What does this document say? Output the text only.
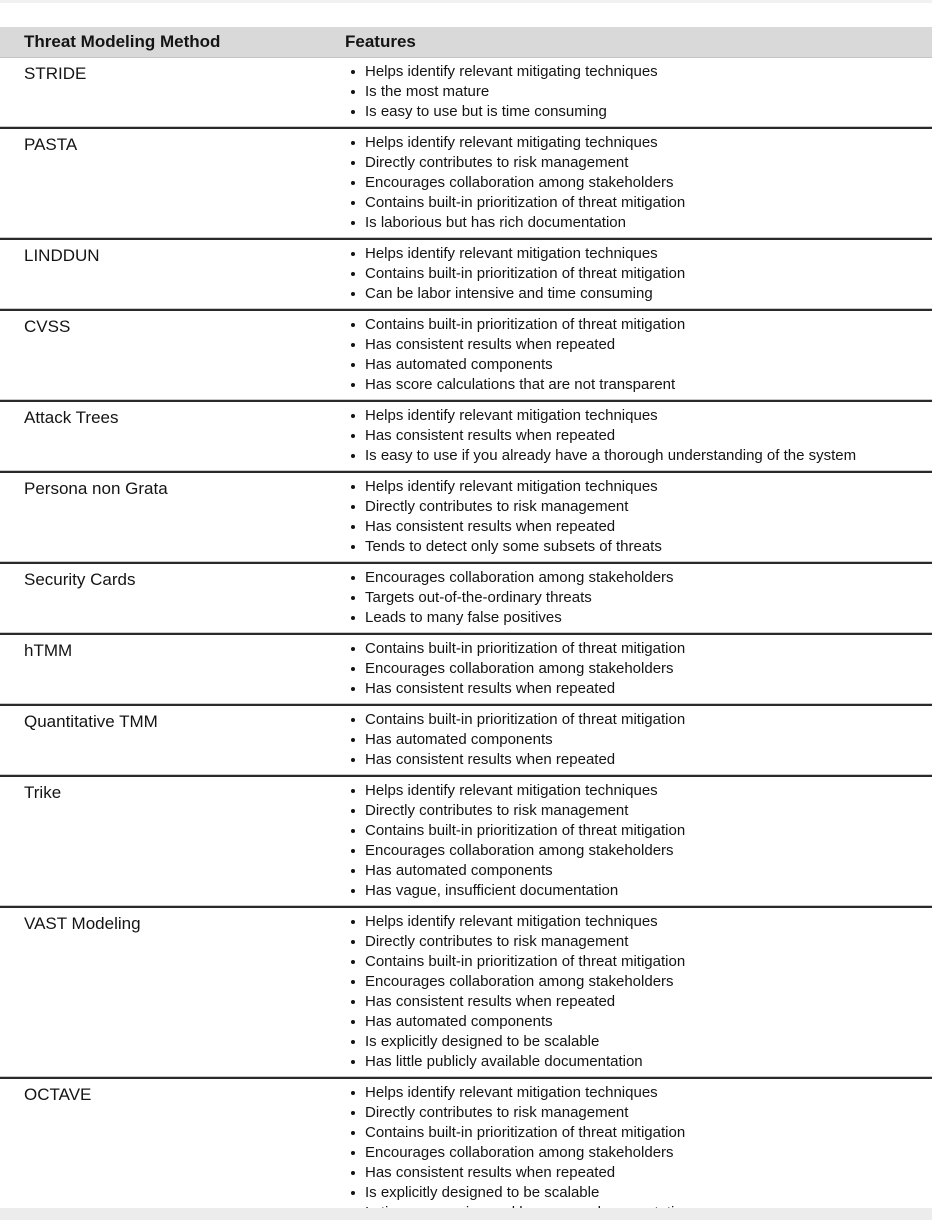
Threat Modeling Method	Features
STRIDE	Helps identify relevant mitigating techniques
Is the most mature
Is easy to use but is time consuming
PASTA	Helps identify relevant mitigating techniques
Directly contributes to risk management
Encourages collaboration among stakeholders
Contains built-in prioritization of threat mitigation
Is laborious but has rich documentation
LINDDUN	Helps identify relevant mitigation techniques
Contains built-in prioritization of threat mitigation
Can be labor intensive and time consuming
CVSS	Contains built-in prioritization of threat mitigation
Has consistent results when repeated
Has automated components
Has score calculations that are not transparent
Attack Trees	Helps identify relevant mitigation techniques
Has consistent results when repeated
Is easy to use if you already have a thorough understanding of the system
Persona non Grata	Helps identify relevant mitigation techniques
Directly contributes to risk management
Has consistent results when repeated
Tends to detect only some subsets of threats
Security Cards	Encourages collaboration among stakeholders
Targets out-of-the-ordinary threats
Leads to many false positives
hTMM	Contains built-in prioritization of threat mitigation
Encourages collaboration among stakeholders
Has consistent results when repeated
Quantitative TMM	Contains built-in prioritization of threat mitigation
Has automated components
Has consistent results when repeated
Trike	Helps identify relevant mitigation techniques
Directly contributes to risk management
Contains built-in prioritization of threat mitigation
Encourages collaboration among stakeholders
Has automated components
Has vague, insufficient documentation
VAST Modeling	Helps identify relevant mitigation techniques
Directly contributes to risk management
Contains built-in prioritization of threat mitigation
Encourages collaboration among stakeholders
Has consistent results when repeated
Has automated components
Is explicitly designed to be scalable
Has little publicly available documentation
OCTAVE	Helps identify relevant mitigation techniques
Directly contributes to risk management
Contains built-in prioritization of threat mitigation
Encourages collaboration among stakeholders
Has consistent results when repeated
Is explicitly designed to be scalable
